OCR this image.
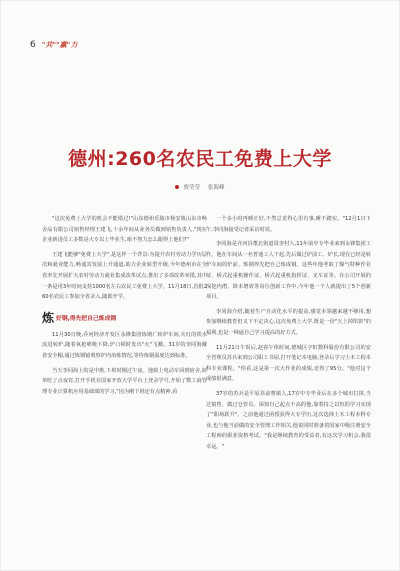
6 "共""赢"力
德州:260名农民工免费上大学
贾莹莹 张海峰

"这次免费上大学的机会不能错过!"山东德州乐陵市杨安镇山东市畅舍品有限公司销售经理王建飞,十余年间从业务员做到销售负责人,"现在企业新进员工多数是大专以上毕业生,咱不努力怎么跟得上他们?"

王建飞能够"免费上大学",是这样一个背景:为提升农村劳动力学历层次和就业能力,畅通其发展上升通道,助力企业转型升级,今年德州市在全省率先开展扩大农村劳动力就业集成改革试点,推出了多项改革举措,其中一条是用3年时间支持1000名左右农民工免费上大学。11月18日,首批260名农民工参加全省录入,随即开学。

炼 好钢,得先把自己炼成钢

11月30日晚,乔河经济开发区永锋集团炼钢厂转炉车间,火红的铁水流进转炉,随着氧枪喷吸下降,炉口顿时发出"火"飞溅。31岁的李同海戴着安全帽,通过炼钢镜观察炉内冶炼情况,等待炼钢温度达到标准。

当天李同海上的是中班,下班时刚过午夜。他骑上电动车回到宿舍,简单吃了点夜宵,打开手机在国家开放大学平台上登录学号,开始了数工商管理专业计算机应用基础课的学习,"因为刚下班还有点精神,看

一个多小时再睡正好,不然总觉得心里有事,睡不踏实。"12月1日下午,李同海接受记者采访时说。

李同海是齐河县董北街道周李村人,11年前中专毕业来到永锋集团工作。他在车间从一名普通工人干起,先后做过炉前工、炉长,现在已经是转炉车间的炉前、炼钢得先把自己炼成钢。这些年他考取了煤气特种作业证、桥式起重机操作证、桥式起重机指挥证、叉车证等。在公司开展的深挖内潜、降本增效等岗位创新工作中,今年他一个人就提出了5个创新项目。

李同海介绍,随着生产自动化水平的提高,感觉本领越来越不够用,想参加继续教育但又下不定决心,这次免费上大学,既是一份"天上掉馅饼"的福利,也是一种逼自己学习提高的好方式。

11月21日午饭后,赵春午休时间,德城区宇虹数科股份有限公司的安全管理员苏兵来到公司职工书屋,打开笔记本电脑,登录后学习土木工程本科专业课程。"你看,这是第一次大作业的成绩,竟得了95分。"他对这个成绩很满意。

37岁的苏兵是平原县前曹镇人,17岁中专毕业后在多个城市打拼,当过销售、做过仓管员。深知自己起点不高的他,靠着持之以恒的学习实现了"职场跃升"。之前他通过函授获得大专学历,这次选择土木工程本科专业,也与他当前做的安全管理工作相关,他说同时准备着国家中级注册安全工程师的职业资格考试。"我是继续教育的受益者,有这次学习机会,我很幸运。"
